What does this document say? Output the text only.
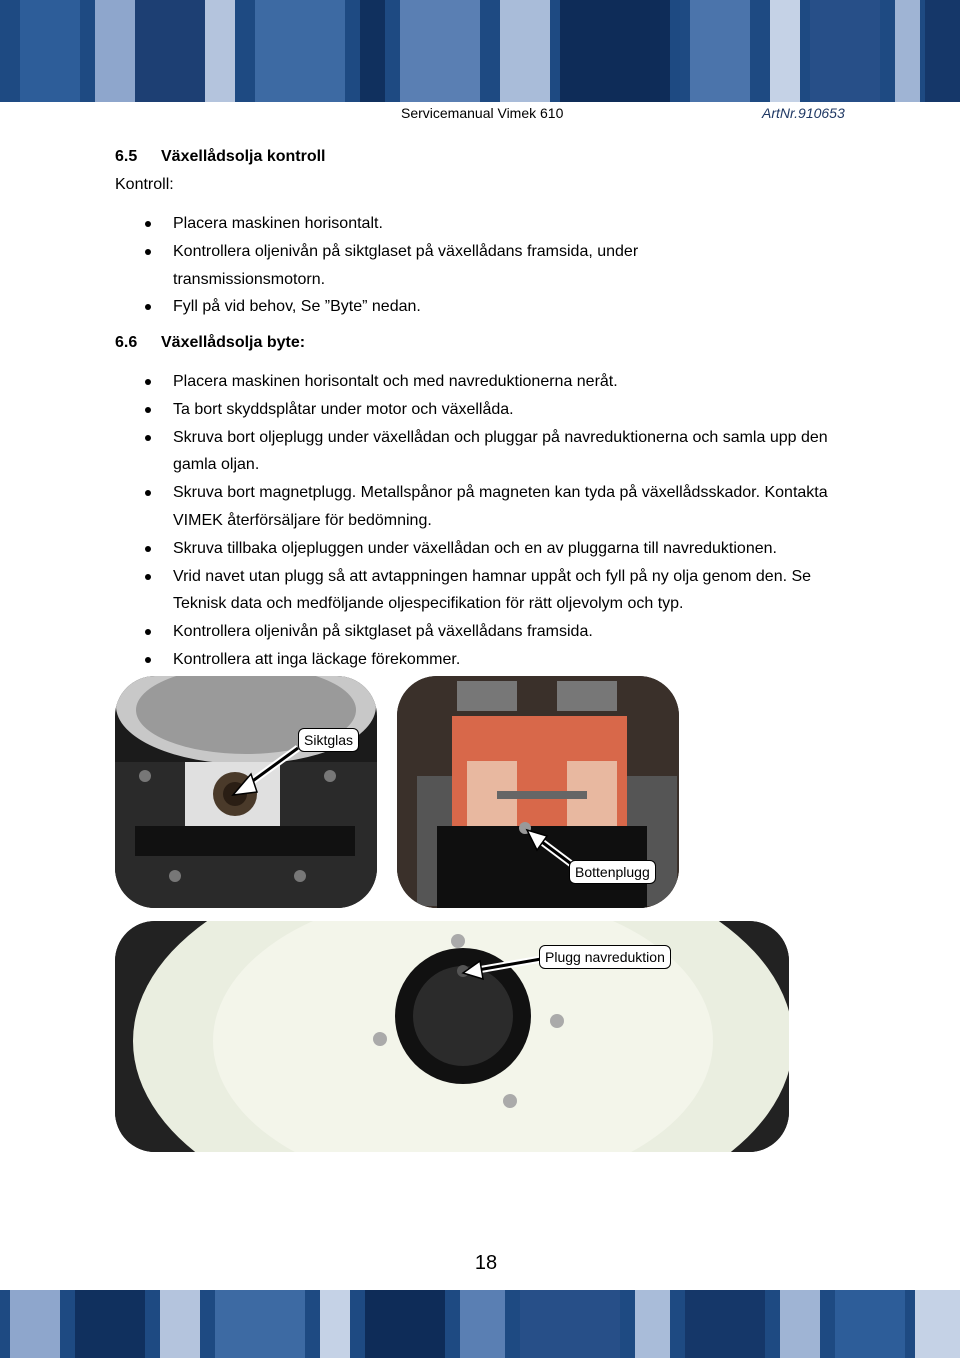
Servicemanual Vimek 610	ArtNr.910653
6.5 Växellådsolja kontroll
Kontroll:
Placera maskinen horisontalt.
Kontrollera oljenivån på siktglaset på växellådans framsida, under transmissionsmotorn.
Fyll på vid behov, Se ”Byte” nedan.
6.6 Växellådsolja byte:
Placera maskinen horisontalt och med navreduktionerna neråt.
Ta bort skyddsplåtar under motor och växellåda.
Skruva bort oljeplugg under växellådan och pluggar på navreduktionerna och samla upp den gamla oljan.
Skruva bort magnetplugg. Metallspånor på magneten kan tyda på växellådsskador. Kontakta VIMEK återförsäljare för bedömning.
Skruva tillbaka oljepluggen under växellådan och en av pluggarna till navreduktionen.
Vrid navet utan plugg så att avtappningen hamnar uppåt och fyll på ny olja genom den. Se Teknisk data och medföljande oljespecifikation för rätt oljevolym och typ.
Kontrollera oljenivån på siktglaset på växellådans framsida.
Kontrollera att inga läckage förekommer.
Siktglas
Bottenplugg
Plugg navreduktion
18
